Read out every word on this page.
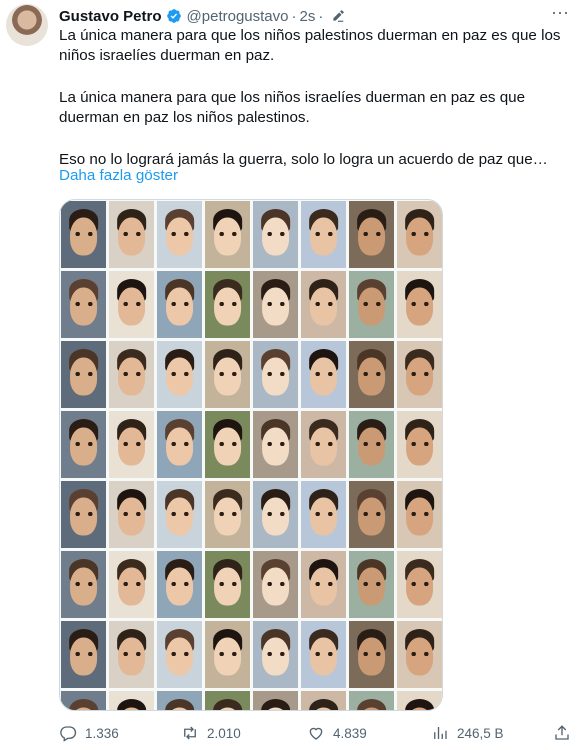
Gustavo Petro @petrogustavo · 2s ·	···

La única manera para que los niños palestinos duerman en paz es que los niños israelíes duerman en paz.

La única manera para que los niños israelíes duerman en paz es que duerman en paz los niños palestinos.

Eso no lo logrará jamás la guerra, solo lo logra un acuerdo de paz que…

Daha fazla göster
1.336	2.010	4.839	246,5 B
